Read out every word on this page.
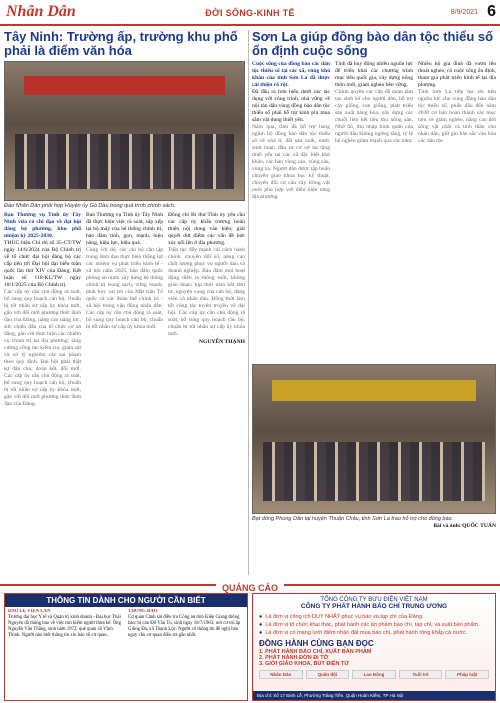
Nhân Dân	ĐỜI SỐNG-KINH TẾ	8/9/2021 6
Tây Ninh: Trường ấp, trường khu phố phải là điểm văn hóa
Đảo Nhân Dân phối hợp Huyện ủy Gò Dầu trong quá trình chính sách.

Bạn Thường vụ Tỉnh ủy Tây Ninh vừa có chỉ đạo về đại hội đảng bộ phường, khu phố nhiệm kỳ 2025-2030.

THÚC hiện Chỉ thị số 35-CT/TW ngày 14/6/2024 của Bộ Chính trị về tổ chức đại hội đảng bộ các cấp tiến tới Đại hội đại biểu toàn quốc lần thứ XIV của Đảng; Kết luận số 118-KL/TW ngày 18/1/2025 của Bộ Chính trị.

Các cấp ủy cần chủ động rà soát, bổ sung quy hoạch cán bộ, chuẩn bị tốt nhân sự cấp ủy khóa mới, gắn với đổi mới phương thức lãnh đạo của Đảng, nâng cao năng lực, sức chiến đấu của tổ chức cơ sở đảng, gắn với thực hiện các nhiệm vụ chính trị tại địa phương; tăng cường công tác kiểm tra, giám sát và xử lý nghiêm các sai phạm theo quy định. Đại hội phải thật sự dân chủ, đoàn kết, đổi mới. Các cấp ủy cần chủ động rà soát, bổ sung quy hoạch cán bộ, chuẩn bị tốt nhân sự cấp ủy khóa mới, gắn với đổi mới phương thức lãnh đạo của Đảng.

Ban Thường vụ Tỉnh ủy Tây Ninh đã thực hiện việc rà soát, sắp xếp lại bộ máy của hệ thống chính trị, bảo đảm tinh, gọn, mạnh, hiệu năng, hiệu lực, hiệu quả.

Cùng với đó, các chi bộ cần tập trung lãnh đạo thực hiện thắng lợi các nhiệm vụ phát triển kinh tế - xã hội năm 2025, bảo đảm quốc phòng an ninh; xây dựng hệ thống chính trị trong sạch, vững mạnh; phát huy vai trò của Mặt trận Tổ quốc và các đoàn thể chính trị - xã hội trong vận động nhân dân. Các cấp ủy cần chủ động rà soát, bổ sung quy hoạch cán bộ, chuẩn bị tốt nhân sự cấp ủy khóa mới.

Đồng chí Bí thư Tỉnh ủy yêu cầu các cấp ủy khẩn trương hoàn thiện nội dung văn kiện; giải quyết dứt điểm các vấn đề bức xúc nổi lên ở địa phương.

Tiếp tục đẩy mạnh cải cách hành chính, chuyển đổi số, nâng cao chất lượng phục vụ người dân và doanh nghiệp. Bảo đảm mọi hoạt động diễn ra thông suốt, không gián đoạn; kịp thời nắm bắt tâm tư, nguyện vọng của cán bộ, đảng viên và nhân dân. Đồng thời làm tốt công tác tuyên truyền về đại hội. Các cấp ủy cần chủ động rà soát, bổ sung quy hoạch cán bộ, chuẩn bị tốt nhân sự cấp ủy khóa mới.

NGUYỄN THẠNH
Sơn La giúp đồng bào dân tộc thiểu số ổn định cuộc sống

Cuộc sống của đồng bào các dân tộc thiểu số tại các xã, vùng khó khăn của tỉnh Sơn La đã được cải thiện rõ rệt.

Đã đầu ra hơn hiếu dưới các tác dụng với công trình, nhà vững về nội tán dân vùng đồng bào dân tộc thiểu số phải hỗ trợ kinh phí mua sắm vật dụng thiết yếu.

Năm qua, tỉnh đã hỗ trợ hàng nghìn hộ đồng bào dân tộc thiểu số về nhà ở, đất sản xuất, nước sinh hoạt; đầu tư cơ sở hạ tầng thiết yếu tại các xã đặc biệt khó khăn, các bản vùng cao, vùng sâu, vùng xa. Người dân được tập huấn chuyển giao khoa học kỹ thuật, chuyển đổi cơ cấu cây trồng vật nuôi phù hợp với điều kiện từng địa phương.

Tỉnh đã huy động nhiều nguồn lực để triển khai các chương trình mục tiêu quốc gia, xây dựng nông thôn mới, giảm nghèo bền vững.

Chính quyền các cấp đã quan tâm tạo sinh kế cho người dân, hỗ trợ cây giống, con giống, phát triển sản xuất hàng hóa, xây dựng các chuỗi liên kết tiêu thụ nông sản. Nhờ đó, thu nhập bình quân của người dân không ngừng tăng, tỷ lệ hộ nghèo giảm mạnh qua các năm.

Nhiều hộ gia đình đã vươn lên thoát nghèo, có cuộc sống ổn định, tham gia phát triển kinh tế tại địa phương.

Tỉnh Sơn La tiếp tục ưu tiên nguồn lực cho vùng đồng bào dân tộc thiểu số, phấn đấu đến năm 2030 cơ bản hoàn thành các mục tiêu về giảm nghèo, nâng cao đời sống vật chất và tinh thần cho nhân dân, giữ gìn bản sắc văn hóa các dân tộc.

Bạt đồng Phùng Dân tại huyện Thuận Châu, tỉnh Sơn La trao hỗ trợ cho đồng bào.
Bài và ảnh: QUỐC TUẤN
QUẢNG CÁO
THÔNG TIN DÀNH CHO NGƯỜI CẦN BIẾT
BÁO LỆ VIỆN LAN
Trường đại học Y tế và Quản trị kinh doanh - Đại học Thái Nguyên đã thông báo về việc tìm kiếm người thừa kế. Ông Nguyễn Văn Thắng, sinh năm 1972; quê quán xã Vĩnh Thịnh. Người nào biết thông tin xin báo về cơ quan.
THÔNG BÁO
Cơ quan Cảnh sát điều tra Công an tỉnh Kiên Giang thông báo: bị can Đỗ Văn Tú, sinh ngày 18/7/1983; nơi cư trú ấp Giồng Đá, xã Thạnh Lộc. Người có thông tin đề nghị báo ngay cho cơ quan điều tra gần nhất.
TỔNG CÔNG TY BƯU ĐIỆN VIỆT NAM
CÔNG TY PHÁT HÀNH BÁO CHÍ TRUNG ƯƠNG
● Là đơn vị công ích DUY NHẤT phục vụ báo và tạp chí của Đảng.
● Là đơn vị tổ chức khai thác, phát hành các ấn phẩm báo chí, tạp chí, và xuất bản phẩm.
● Là đơn vị có mạng lưới điểm nhận đặt mua báo chí, phát hành rộng khắp cả nước.
ĐỒNG HÀNH CÙNG BẠN ĐỌC
1. PHÁT HÀNH BÁO CHÍ, XUẤT BẢN PHẨM
2. PHÁT HÀNH ĐƠN ĐI TỜ
3. GIỚI GIÁO KHOA, BÚT ĐIỆN TỬ
Nhân Dân	Quân đội	Lao Động	Tuổi trẻ	Pháp luật
Địa chỉ: Số 17 Đinh Lễ, Phường Tràng Tiền, Quận Hoàn Kiếm, TP Hà Nội
